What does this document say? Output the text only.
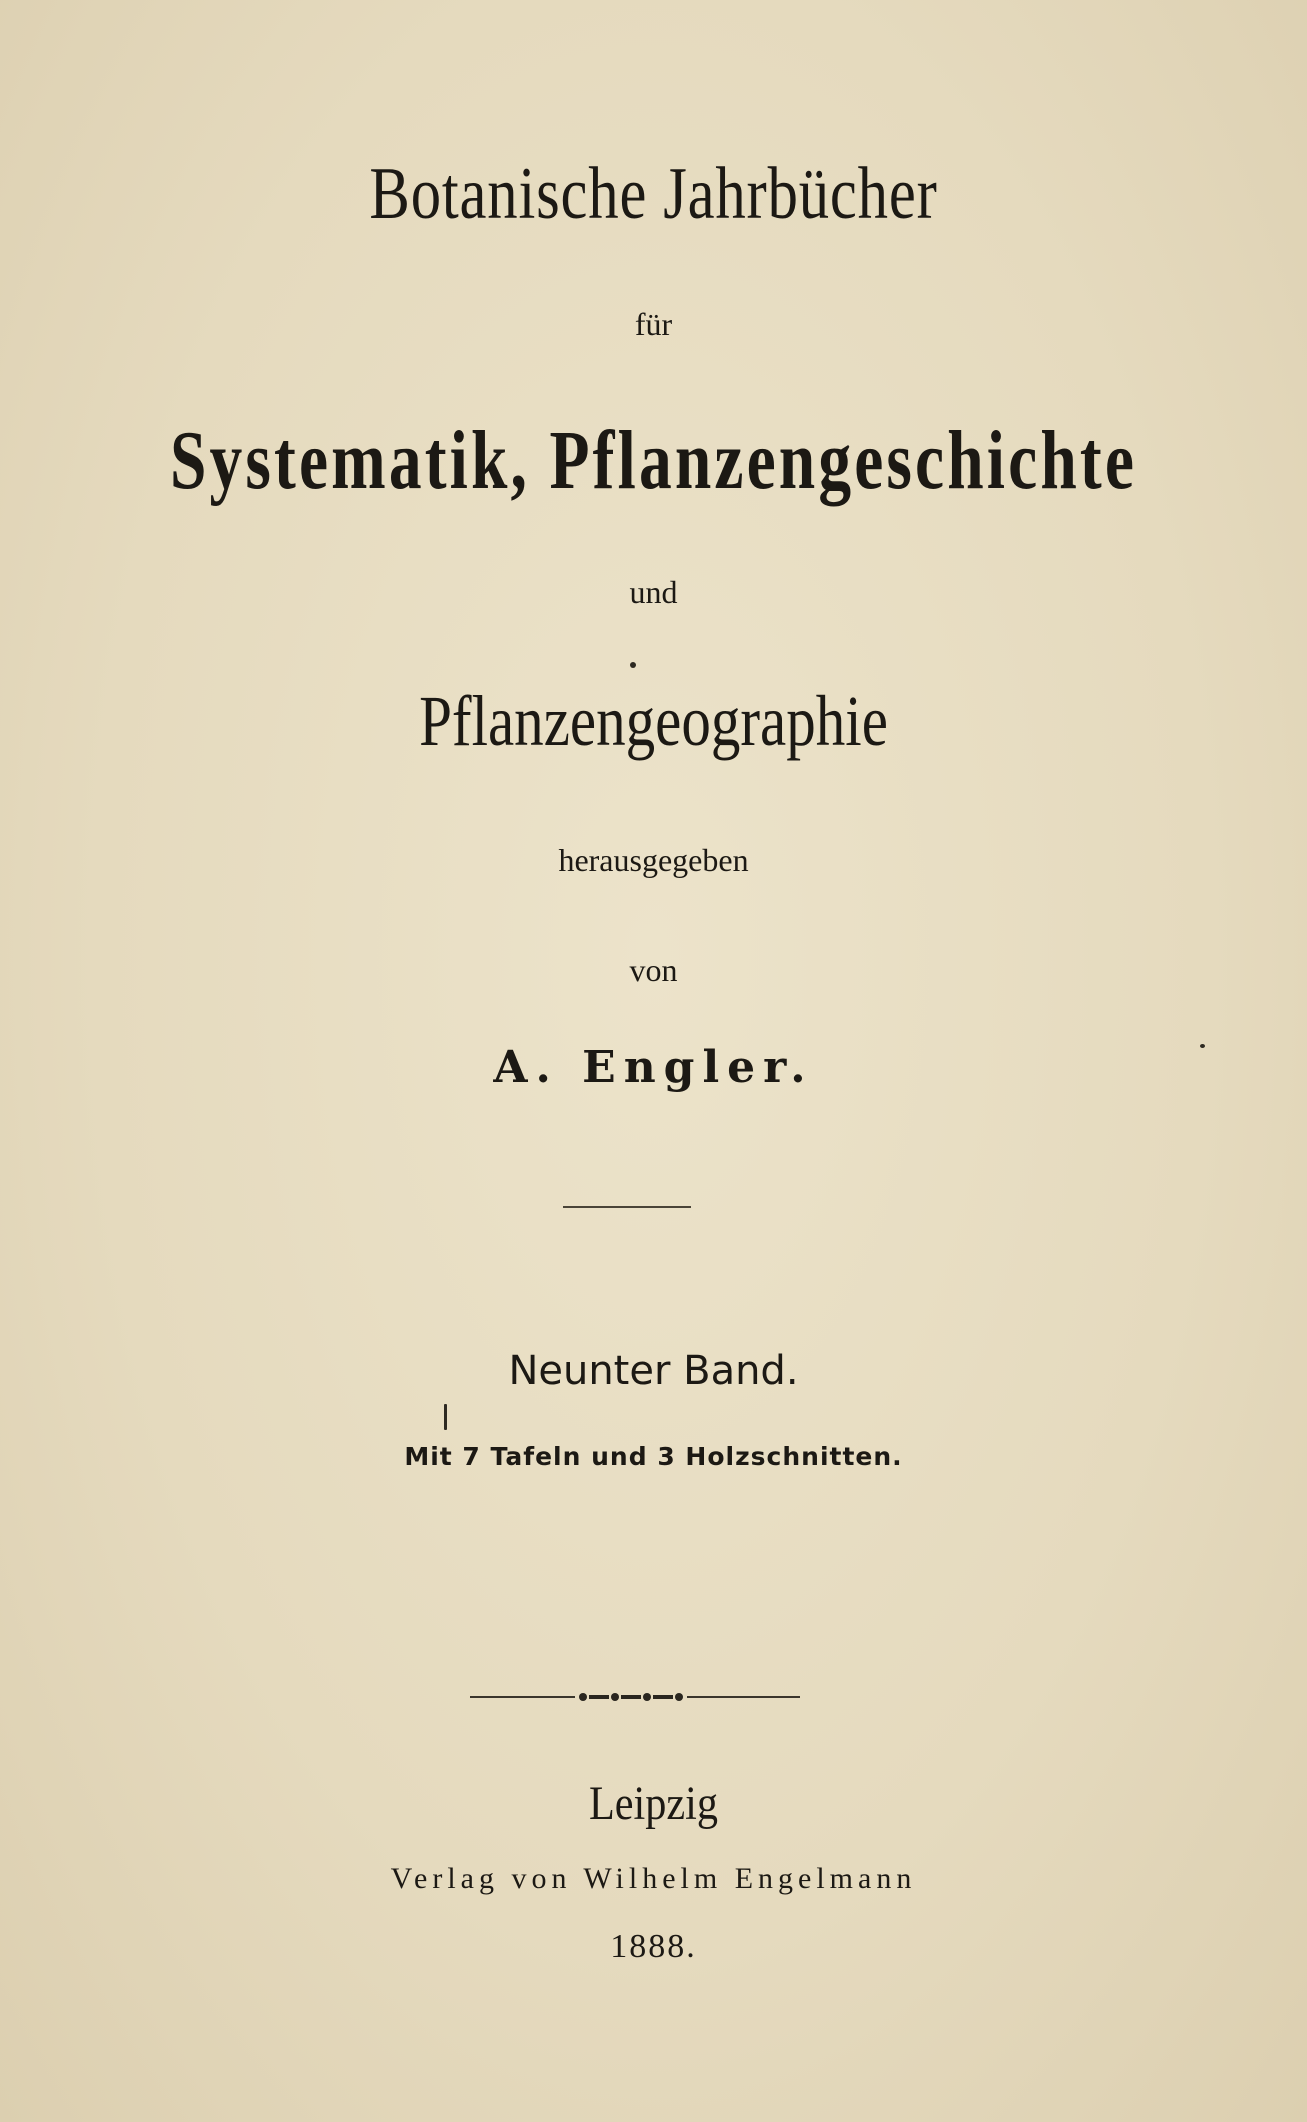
Botanische Jahrbücher
für
Systematik, Pflanzengeschichte
und
Pflanzengeographie
herausgegeben
von
A. Engler.
Neunter Band.
Mit 7 Tafeln und 3 Holzschnitten.
Leipzig
Verlag von Wilhelm Engelmann
1888.
